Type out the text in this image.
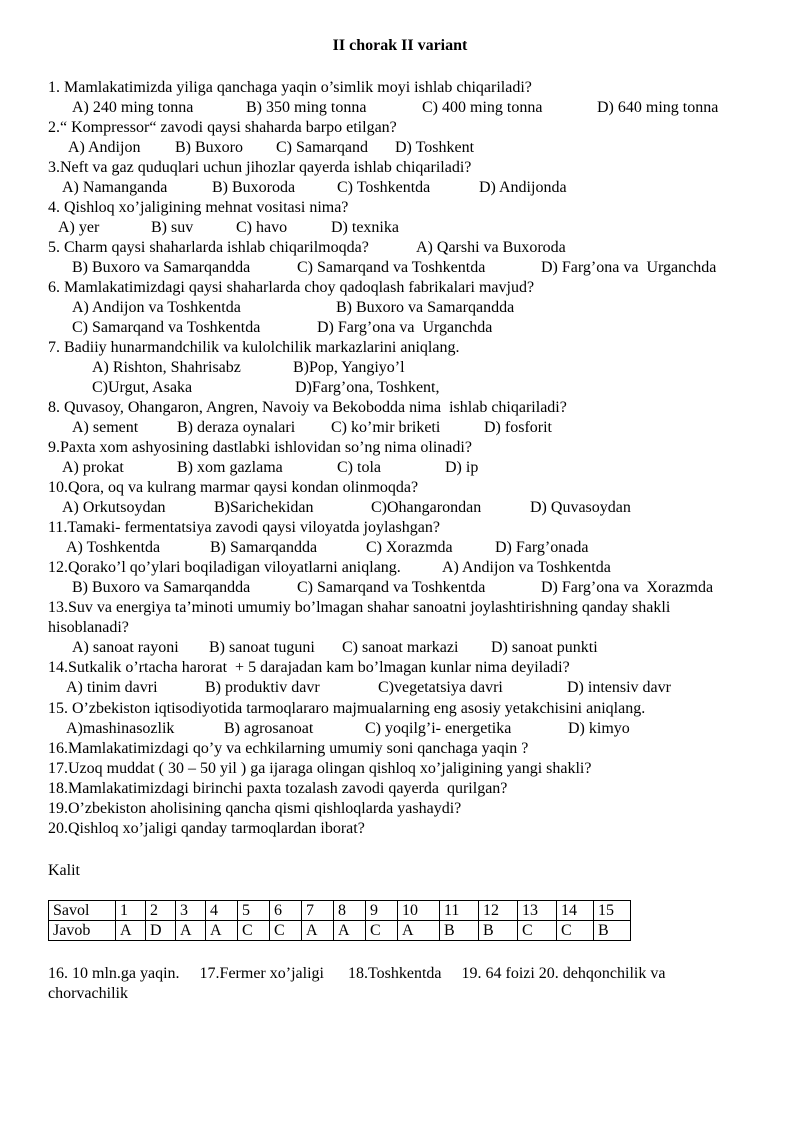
II chorak II variant
1. Mamlakatimizda yiliga qanchaga yaqin o’simlik moyi ishlab chiqariladi?
A) 240 ming tonna	B) 350 ming tonna	C) 400 ming tonna	D) 640 ming tonna
2.“ Kompressor“ zavodi qaysi shaharda barpo etilgan?
A) Andijon B) Buxoro C) Samarqand D) Toshkent
3.Neft va gaz quduqlari uchun jihozlar qayerda ishlab chiqariladi?
A) Namanganda	B) Buxoroda	C) Toshkentda	D) Andijonda
4. Qishloq xo’jaligining mehnat vositasi nima?
A) yer	B) suv	C) havo	D) texnika
5. Charm qaysi shaharlarda ishlab chiqarilmoqda?	A) Qarshi va Buxoroda
B) Buxoro va Samarqandda	C) Samarqand va Toshkentda	D) Farg’ona va  Urganchda
6. Mamlakatimizdagi qaysi shaharlarda choy qadoqlash fabrikalari mavjud?
A) Andijon va Toshkentda	B) Buxoro va Samarqandda
C) Samarqand va Toshkentda	D) Farg’ona va  Urganchda
7. Badiiy hunarmandchilik va kulolchilik markazlarini aniqlang.
A) Rishton, Shahrisabz	B)Pop, Yangiyo’l
C)Urgut, Asaka	D)Farg’ona, Toshkent,
8. Quvasoy, Ohangaron, Angren, Navoiy va Bekobodda nima  ishlab chiqariladi?
A) sement B) deraza oynalari C) ko’mir briketi	D) fosforit
9.Paxta xom ashyosining dastlabki ishlovidan so’ng nima olinadi?
A) prokat	B) xom gazlama	C) tola	D) ip
10.Qora, oq va kulrang marmar qaysi kondan olinmoqda?
A) Orkutsoydan	B)Sarichekidan	C)Ohangarondan	D) Quvasoydan
11.Tamaki- fermentatsiya zavodi qaysi viloyatda joylashgan?
A) Toshkentda	B) Samarqandda	C) Xorazmda	D) Farg’onada
12.Qorako’l qo’ylari boqiladigan viloyatlarni aniqlang.	A) Andijon va Toshkentda
B) Buxoro va Samarqandda	C) Samarqand va Toshkentda	D) Farg’ona va  Xorazmda
13.Suv va energiya ta’minoti umumiy bo’lmagan shahar sanoatni joylashtirishning qanday shakli
hisoblanadi?
A) sanoat rayoni B) sanoat tuguni C) sanoat markazi D) sanoat punkti
14.Sutkalik o’rtacha harorat  + 5 darajadan kam bo’lmagan kunlar nima deyiladi?
A) tinim davri	B) produktiv davr	C)vegetatsiya davri	D) intensiv davr
15. O’zbekiston iqtisodiyotida tarmoqlararo majmualarning eng asosiy yetakchisini aniqlang.
A)mashinasozlik	B) agrosanoat	C) yoqilg’i- energetika	D) kimyo
16.Mamlakatimizdagi qo’y va echkilarning umumiy soni qanchaga yaqin ?
17.Uzoq muddat ( 30 – 50 yil ) ga ijaraga olingan qishloq xo’jaligining yangi shakli?
18.Mamlakatimizdagi birinchi paxta tozalash zavodi qayerda  qurilgan?
19.O’zbekiston aholisining qancha qismi qishloqlarda yashaydi?
20.Qishloq xo’jaligi qanday tarmoqlardan iborat?
Kalit
Savol	1	2	3	4	5	6	7	8	9	10	11	12	13	14	15
Javob	A	D	A	A	C	C	A	A	C	A	B	B	C	C	B
16. 10 mln.ga yaqin.     17.Fermer xo’jaligi      18.Toshkentda     19. 64 foizi 20. dehqonchilik va
chorvachilik
